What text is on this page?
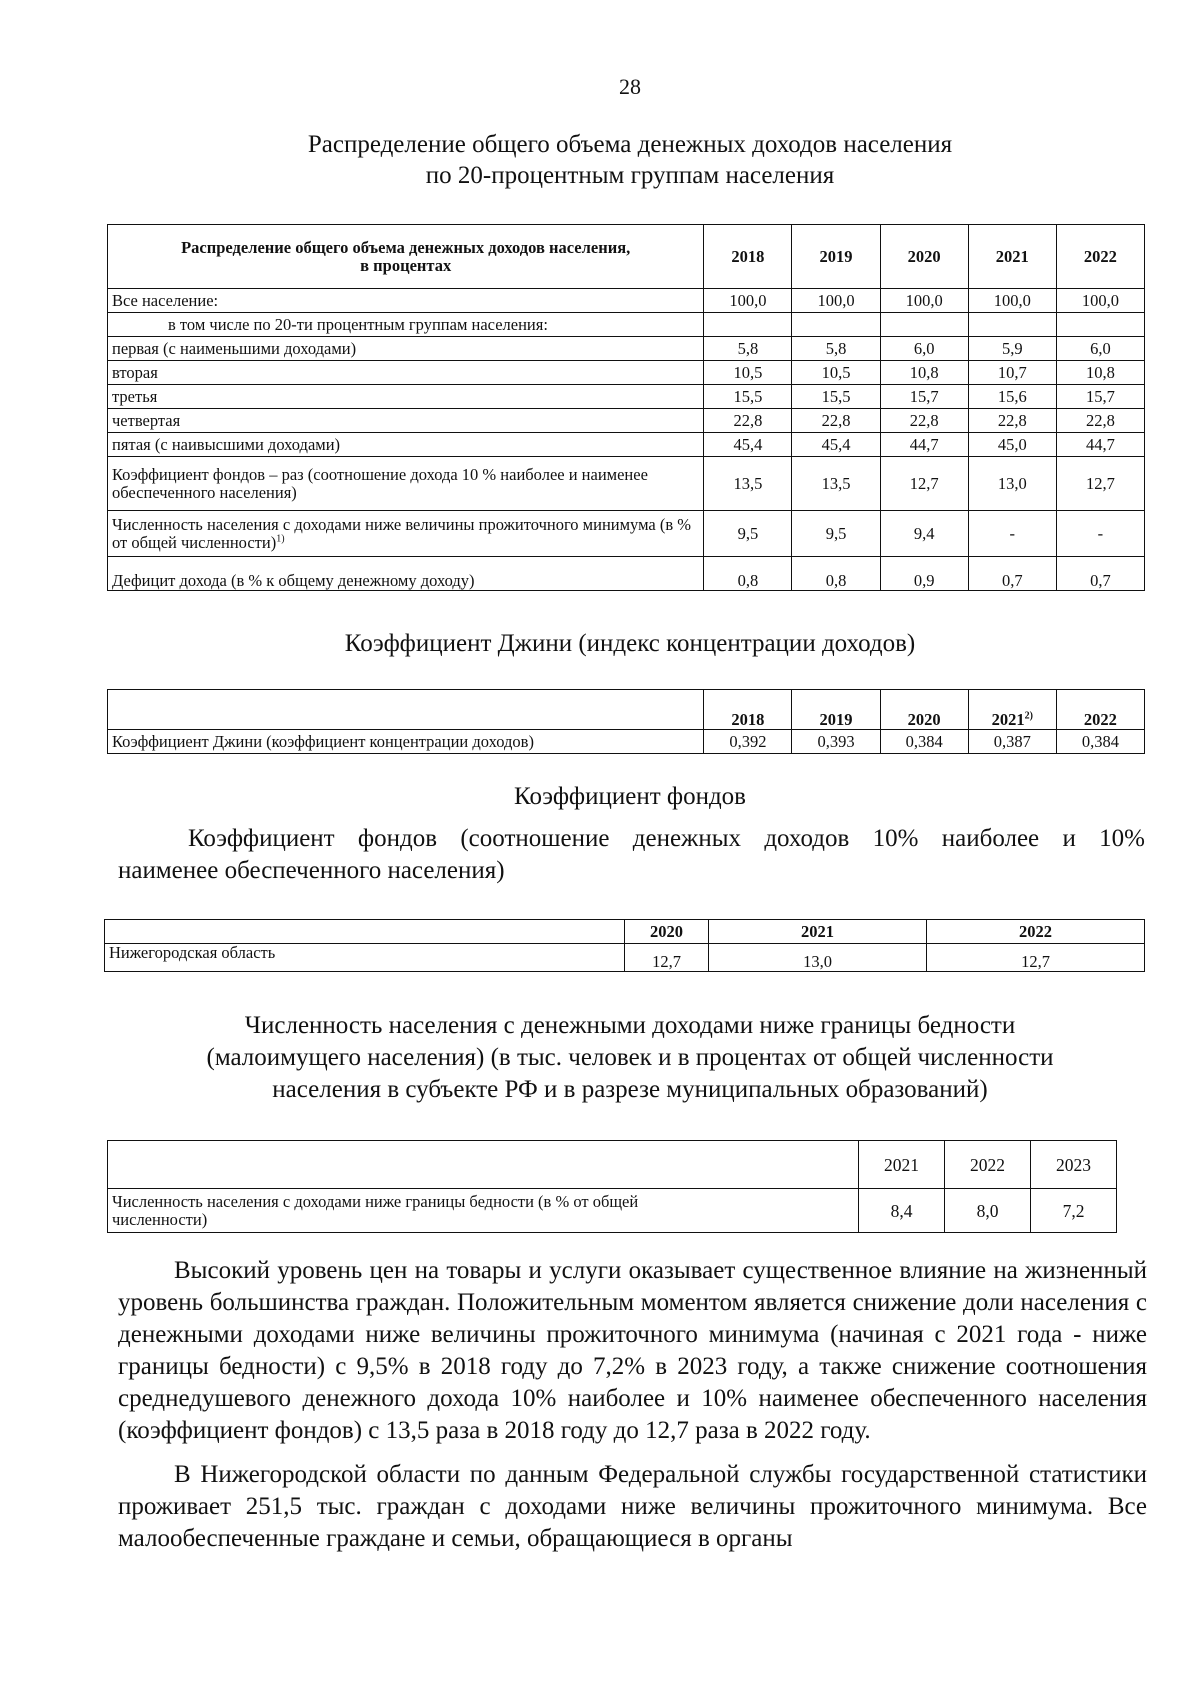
28
Распределение общего объема денежных доходов населения
по 20-процентным группам населения
Распределение общего объема денежных доходов населения,
в процентах	2018	2019	2020	2021	2022
Все население:	100,0	100,0	100,0	100,0	100,0
в том числе по 20-ти процентным группам населения:					
первая (с наименьшими доходами)	5,8	5,8	6,0	5,9	6,0
вторая	10,5	10,5	10,8	10,7	10,8
третья	15,5	15,5	15,7	15,6	15,7
четвертая	22,8	22,8	22,8	22,8	22,8
пятая (с наивысшими доходами)	45,4	45,4	44,7	45,0	44,7
Коэффициент фондов – раз (соотношение дохода 10 % наиболее и наименее обеспеченного населения)	13,5	13,5	12,7	13,0	12,7
Численность населения с доходами ниже величины прожиточного минимума (в % от общей численности)$^{1)}$	9,5	9,5	9,4	-	-
Дефицит дохода (в % к общему денежному доходу)	0,8	0,8	0,9	0,7	0,7
Коэффициент Джини (индекс концентрации доходов)
	2018	2019	2020	2021$^{2)}$	2022
Коэффициент Джини (коэффициент концентрации доходов)	0,392	0,393	0,384	0,387	0,384
Коэффициент фондов
Коэффициент фондов (соотношение денежных доходов 10% наиболее и 10%
наименее обеспеченного населения)
	2020	2021	2022
Нижегородская область	12,7	13,0	12,7
Численность населения с денежными доходами ниже границы бедности
(малоимущего населения) (в тыс. человек и в процентах от общей численности
населения в субъекте РФ и в разрезе муниципальных образований)
	2021	2022	2023
Численность населения с доходами ниже границы бедности (в % от общей численности)	8,4	8,0	7,2
Высокий уровень цен на товары и услуги оказывает существенное влияние на жизненный уровень большинства граждан. Положительным моментом является снижение доли населения с денежными доходами ниже величины прожиточного минимума (начиная с 2021 года - ниже границы бедности) с 9,5% в 2018 году до 7,2% в 2023 году, а также снижение соотношения среднедушевого денежного дохода 10% наиболее и 10% наименее обеспеченного населения (коэффициент фондов) с 13,5 раза в 2018 году до 12,7 раза в 2022 году.
В Нижегородской области по данным Федеральной службы государственной статистики проживает 251,5 тыс. граждан с доходами ниже величины прожиточного минимума. Все малообеспеченные граждане и семьи, обращающиеся в органы
